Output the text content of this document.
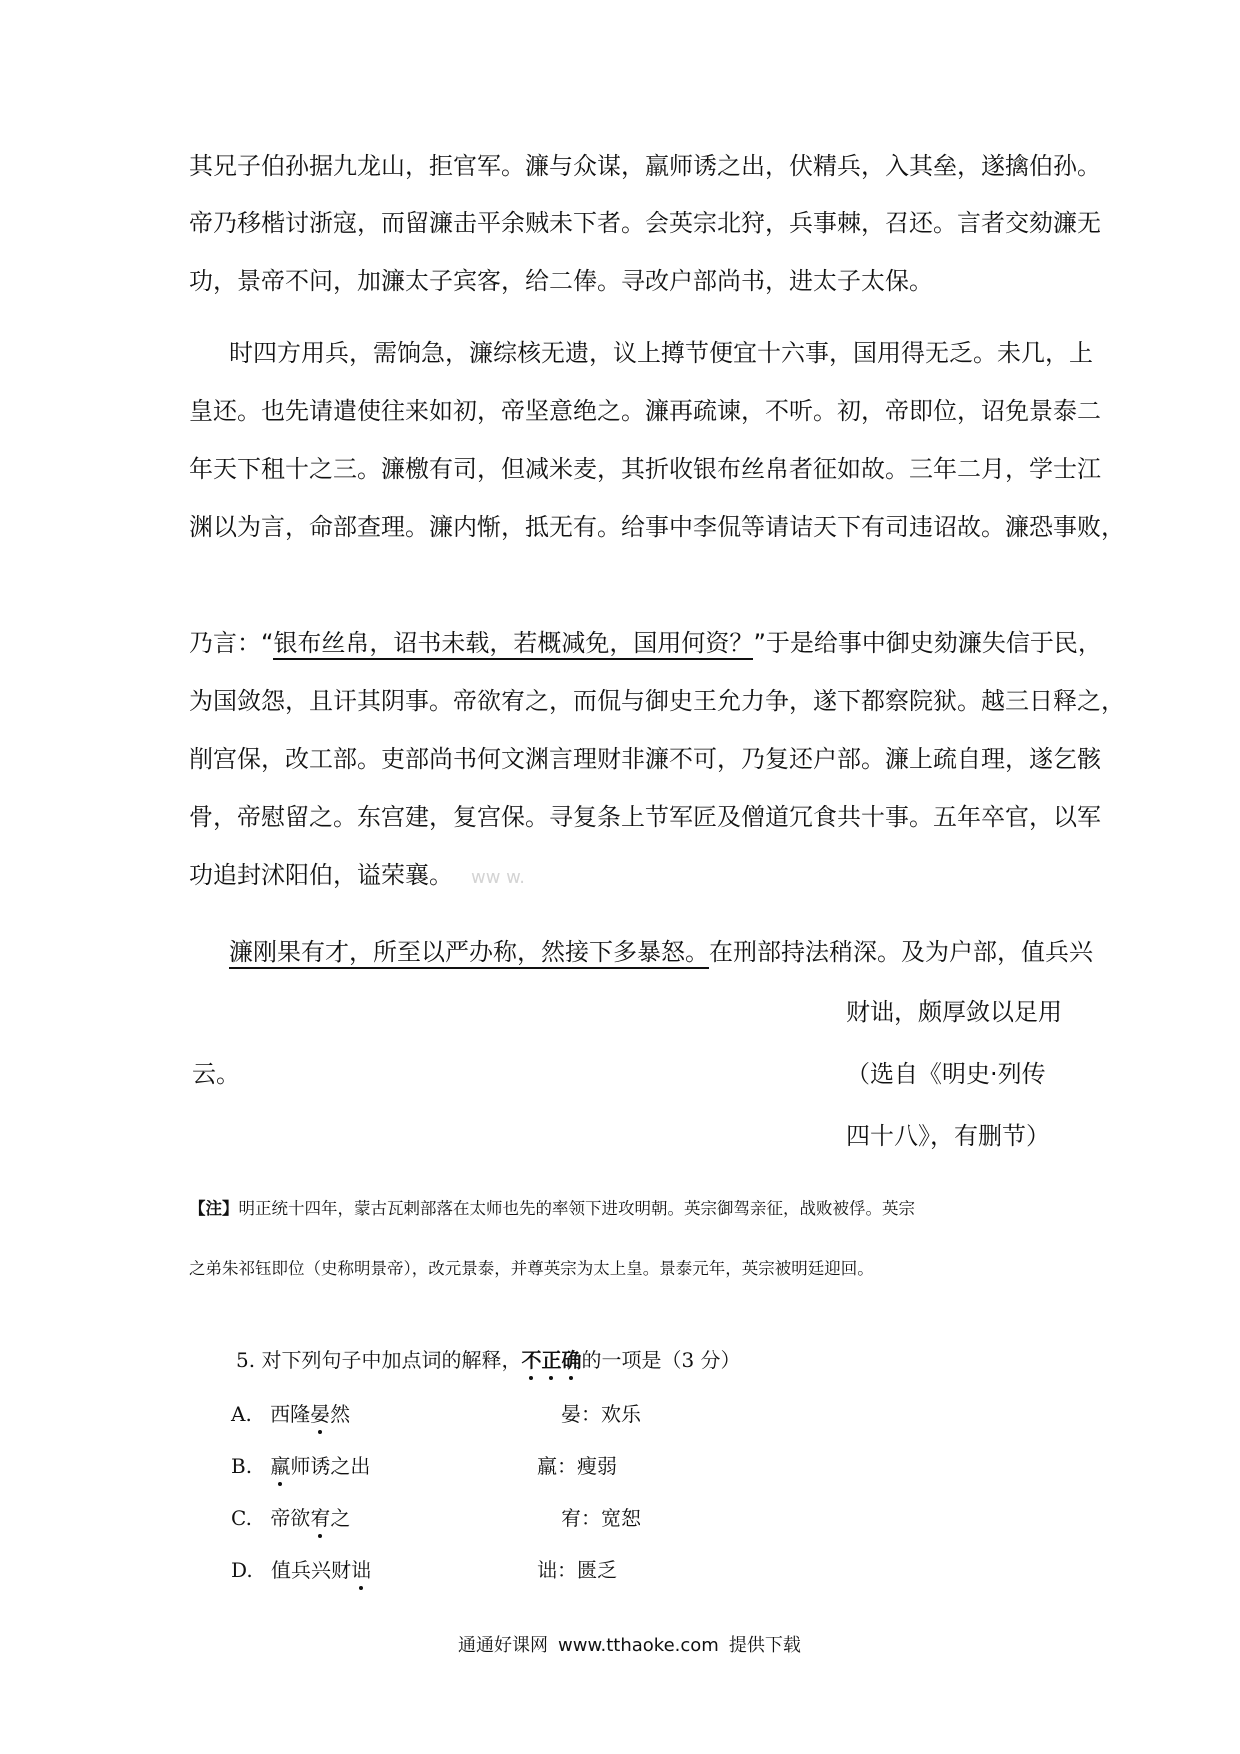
其兄子伯孙据九龙山，拒官军。濂与众谋，羸师诱之出，伏精兵，入其垒，遂擒伯孙。
帝乃移楷讨浙寇，而留濂击平余贼未下者。会英宗北狩，兵事棘，召还。言者交劾濂无
功，景帝不问，加濂太子宾客，给二俸。寻改户部尚书，进太子太保。
时四方用兵，需饷急，濂综核无遗，议上撙节便宜十六事，国用得无乏。未几，上
皇还。也先请遣使往来如初，帝坚意绝之。濂再疏谏，不听。初，帝即位，诏免景泰二
年天下租十之三。濂檄有司，但减米麦，其折收银布丝帛者征如故。三年二月，学士江
渊以为言，命部查理。濂内惭，抵无有。给事中李侃等请诘天下有司违诏故。濂恐事败，
乃言：“银布丝帛，诏书未载，若概减免，国用何资？”于是给事中御史劾濂失信于民，
为国敛怨，且讦其阴事。帝欲宥之，而侃与御史王允力争，遂下都察院狱。越三日释之，
削宫保，改工部。吏部尚书何文渊言理财非濂不可，乃复还户部。濂上疏自理，遂乞骸
骨，帝慰留之。东宫建，复宫保。寻复条上节军匠及僧道冗食共十事。五年卒官，以军
功追封沭阳伯，谥荣襄。 ww w.
濂刚果有才，所至以严办称，然接下多暴怒。在刑部持法稍深。及为户部，值兵兴
财诎，颇厚敛以足用
云。	（选自《明史·列传
四十八》，有删节）
【注】明正统十四年，蒙古瓦剌部落在太师也先的率领下进攻明朝。英宗御驾亲征，战败被俘。英宗
之弟朱祁钰即位（史称明景帝），改元景泰，并尊英宗为太上皇。景泰元年，英宗被明廷迎回。
5. 对下列句子中加点词的解释，不正确的一项是（3 分）
A. 西隆晏然	晏：欢乐
B. 羸师诱之出	羸：瘦弱
C. 帝欲宥之	宥：宽恕
D. 值兵兴财诎	诎：匮乏
通通好课网 www.tthaoke.com 提供下载
